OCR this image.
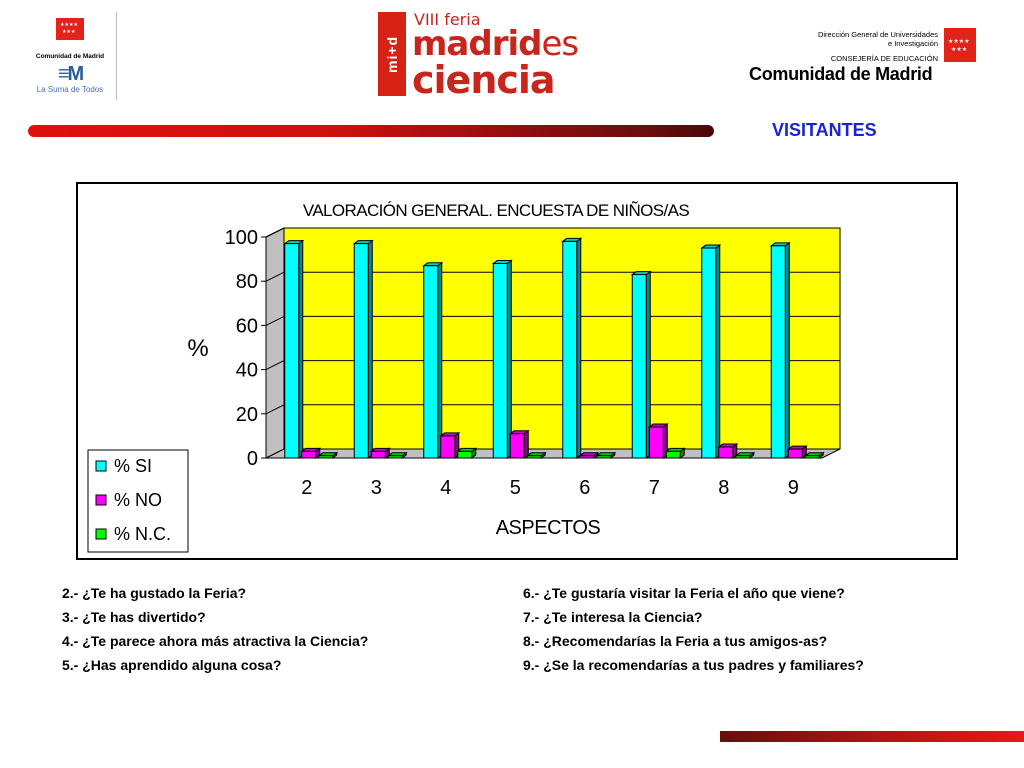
★★★★
★★★
Comunidad de Madrid
≡M
La Suma de Todos
mi+d
VIII feria
madrides
ciencia
Dirección General de Universidades
e Investigación
CONSEJERÍA DE EDUCACIÓN
Comunidad de Madrid
★★★★
★★★
VISITANTES
VALORACIÓN GENERAL. ENCUESTA DE NIÑOS/AS
0
20
40
60
80
100
2	3	4	5	6	7	8	9
ASPECTOS
%
% SI
% NO
% N.C.
2.- ¿Te ha gustado la Feria?
3.- ¿Te has divertido?
4.- ¿Te parece ahora más atractiva la Ciencia?
5.- ¿Has aprendido alguna cosa?
6.- ¿Te gustaría visitar la Feria el año que viene?
7.- ¿Te interesa la Ciencia?
8.- ¿Recomendarías la Feria a tus amigos-as?
9.- ¿Se la recomendarías a tus padres y familiares?
